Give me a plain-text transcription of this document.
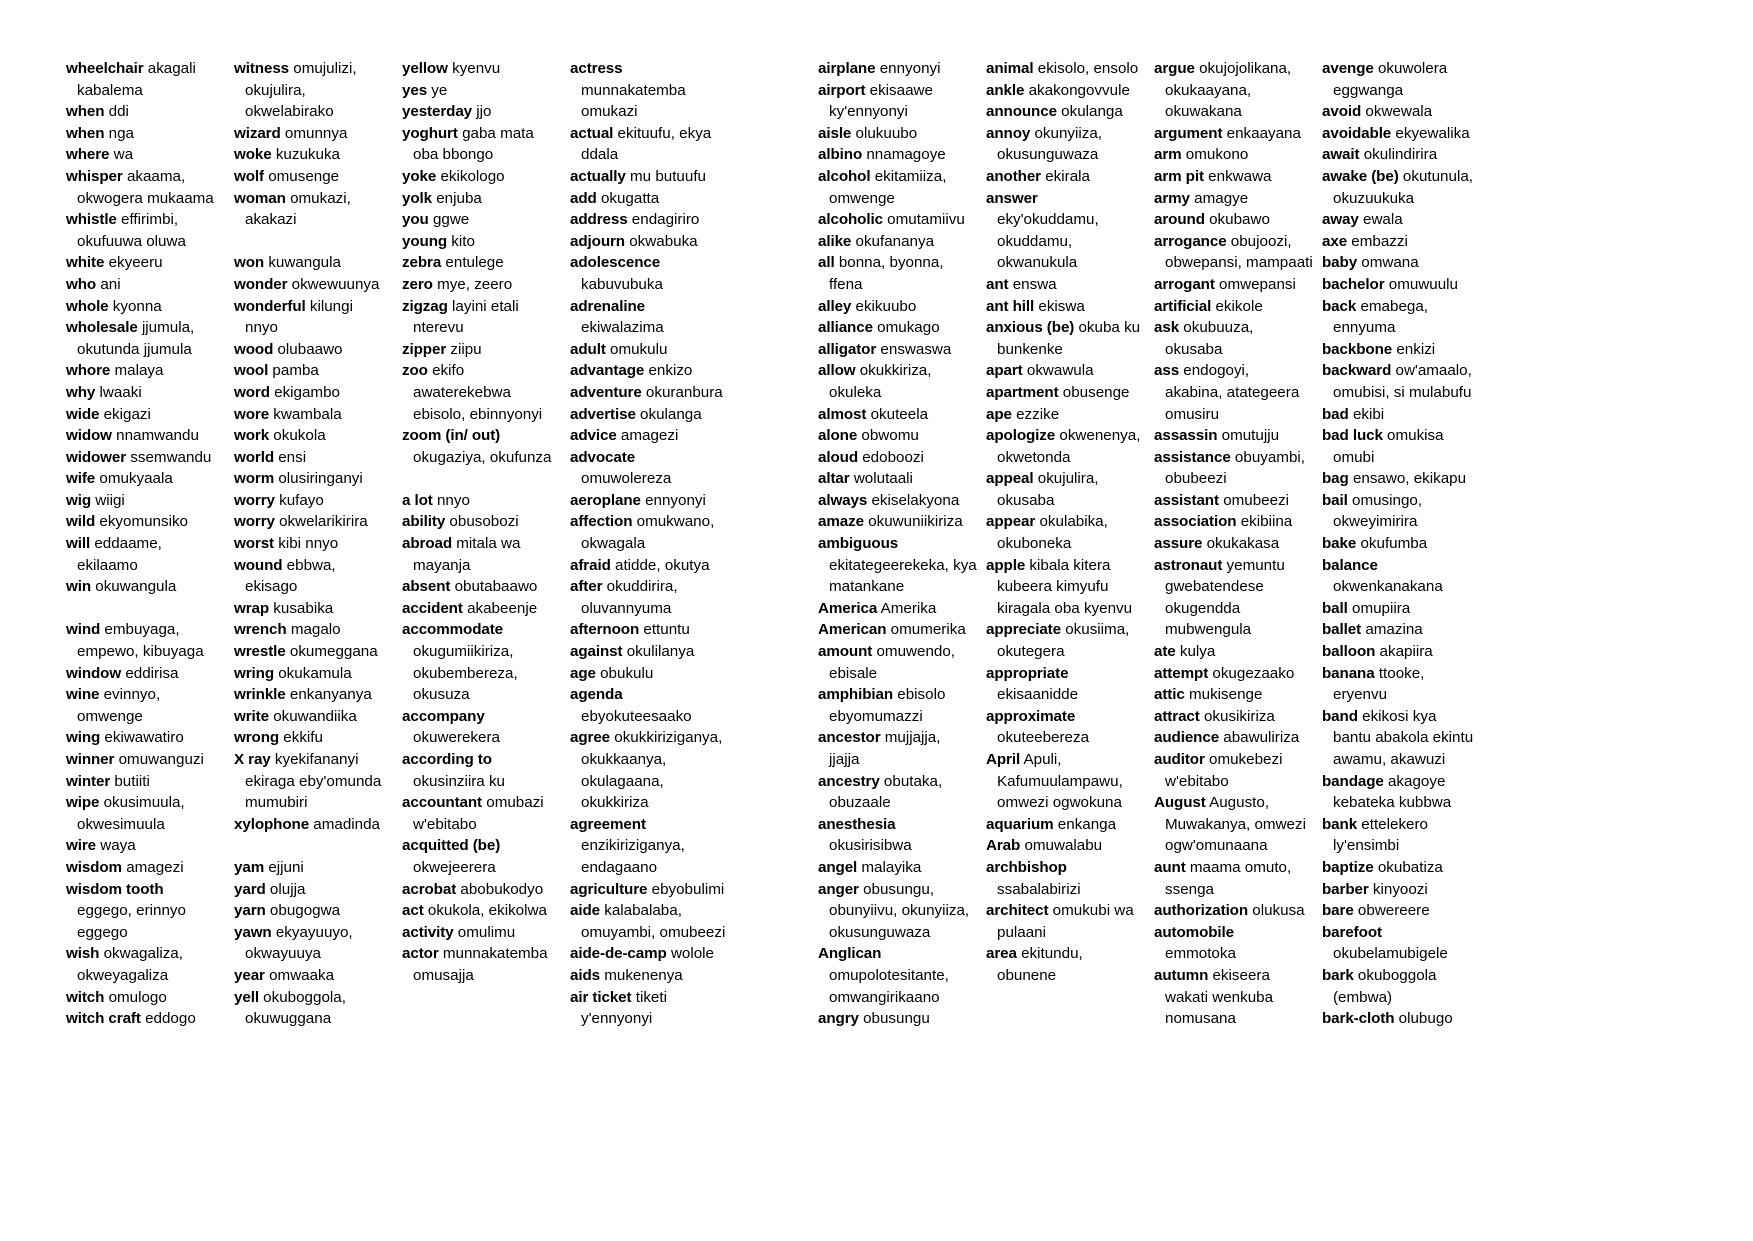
wheelchair akagali
kabalema
when ddi
when nga
where wa
whisper akaama,
okwogera mukaama
whistle effirimbi,
okufuuwa oluwa
white ekyeeru
who ani
whole kyonna
wholesale jjumula,
okutunda jjumula
whore malaya
why lwaaki
wide ekigazi
widow nnamwandu
widower ssemwandu
wife omukyaala
wig wiigi
wild ekyomunsiko
will eddaame,
ekilaamo
win okuwangula
wind embuyaga,
empewo, kibuyaga
window eddirisa
wine evinnyo,
omwenge
wing ekiwawatiro
winner omuwanguzi
winter butiiti
wipe okusimuula,
okwesimuula
wire waya
wisdom amagezi
wisdom tooth
eggego, erinnyo
eggego
wish okwagaliza,
okweyagaliza
witch omulogo
witch craft eddogo
witness omujulizi,
okujulira,
okwelabirako
wizard omunnya
woke kuzukuka
wolf omusenge
woman omukazi,
akakazi
won kuwangula
wonder okwewuunya
wonderful kilungi
nnyo
wood olubaawo
wool pamba
word ekigambo
wore kwambala
work okukola
world ensi
worm olusiringanyi
worry kufayo
worry okwelarikirira
worst kibi nnyo
wound ebbwa,
ekisago
wrap kusabika
wrench magalo
wrestle okumeggana
wring okukamula
wrinkle enkanyanya
write okuwandiika
wrong ekkifu
X ray kyekifananyi
ekiraga eby'omunda
mumubiri
xylophone amadinda
yam ejjuni
yard olujja
yarn obugogwa
yawn ekyayuuyo,
okwayuuya
year omwaaka
yell okuboggola,
okuwuggana
yellow kyenvu
yes ye
yesterday jjo
yoghurt gaba mata
oba bbongo
yoke ekikologo
yolk enjuba
you ggwe
young kito
zebra entulege
zero mye, zeero
zigzag layini etali
nterevu
zipper ziipu
zoo ekifo
awaterekebwa
ebisolo, ebinnyonyi
zoom (in/ out)
okugaziya, okufunza
a lot nnyo
ability obusobozi
abroad mitala wa
mayanja
absent obutabaawo
accident akabeenje
accommodate
okugumiikiriza,
okubembereza,
okusuza
accompany
okuwerekera
according to
okusinziira ku
accountant omubazi
w'ebitabo
acquitted (be)
okwejeerera
acrobat abobukodyo
act okukola, ekikolwa
activity omulimu
actor munnakatemba
omusajja
actress
munnakatemba
omukazi
actual ekituufu, ekya
ddala
actually mu butuufu
add okugatta
address endagiriro
adjourn okwabuka
adolescence
kabuvubuka
adrenaline
ekiwalazima
adult omukulu
advantage enkizo
adventure okuranbura
advertise okulanga
advice amagezi
advocate
omuwolereza
aeroplane ennyonyi
affection omukwano,
okwagala
afraid atidde, okutya
after okuddirira,
oluvannyuma
afternoon ettuntu
against okulilanya
age obukulu
agenda
ebyokuteesaako
agree okukkiriziganya,
okukkaanya,
okulagaana,
okukkiriza
agreement
enzikiriziganya,
endagaano
agriculture ebyobulimi
aide kalabalaba,
omuyambi, omubeezi
aide-de-camp wolole
aids mukenenya
air ticket tiketi
y'ennyonyi
airplane ennyonyi
airport ekisaawe
ky'ennyonyi
aisle olukuubo
albino nnamagoye
alcohol ekitamiiza,
omwenge
alcoholic omutamiivu
alike okufananya
all bonna, byonna,
ffena
alley ekikuubo
alliance omukago
alligator enswaswa
allow okukkiriza,
okuleka
almost okuteela
alone obwomu
aloud edoboozi
altar wolutaali
always ekiselakyona
amaze okuwuniikiriza
ambiguous
ekitategeerekeka, kya
matankane
America Amerika
American omumerika
amount omuwendo,
ebisale
amphibian ebisolo
ebyomumazzi
ancestor mujjajja,
jjajja
ancestry obutaka,
obuzaale
anesthesia
okusirisibwa
angel malayika
anger obusungu,
obunyiivu, okunyiiza,
okusunguwaza
Anglican
omupolotesitante,
omwangirikaano
angry obusungu
animal ekisolo, ensolo
ankle akakongovvule
announce okulanga
annoy okunyiiza,
okusunguwaza
another ekirala
answer
eky'okuddamu,
okuddamu,
okwanukula
ant enswa
ant hill ekiswa
anxious (be) okuba ku
bunkenke
apart okwawula
apartment obusenge
ape ezzike
apologize okwenenya,
okwetonda
appeal okujulira,
okusaba
appear okulabika,
okuboneka
apple kibala kitera
kubeera kimyufu
kiragala oba kyenvu
appreciate okusiima,
okutegera
appropriate
ekisaanidde
approximate
okuteebereza
April Apuli,
Kafumuulampawu,
omwezi ogwokuna
aquarium enkanga
Arab omuwalabu
archbishop
ssabalabirizi
architect omukubi wa
pulaani
area ekitundu,
obunene
argue okujojolikana,
okukaayana,
okuwakana
argument enkaayana
arm omukono
arm pit enkwawa
army amagye
around okubawo
arrogance obujoozi,
obwepansi, mampaati
arrogant omwepansi
artificial ekikole
ask okubuuza,
okusaba
ass endogoyi,
akabina, atategeera
omusiru
assassin omutujju
assistance obuyambi,
obubeezi
assistant omubeezi
association ekibiina
assure okukakasa
astronaut yemuntu
gwebatendese
okugendda
mubwengula
ate kulya
attempt okugezaako
attic mukisenge
attract okusikiriza
audience abawuliriza
auditor omukebezi
w'ebitabo
August Augusto,
Muwakanya, omwezi
ogw'omunaana
aunt maama omuto,
ssenga
authorization olukusa
automobile
emmotoka
autumn ekiseera
wakati wenkuba
nomusana
avenge okuwolera
eggwanga
avoid okwewala
avoidable ekyewalika
await okulindirira
awake (be) okutunula,
okuzuukuka
away ewala
axe embazzi
baby omwana
bachelor omuwuulu
back emabega,
ennyuma
backbone enkizi
backward ow'amaalo,
omubisi, si mulabufu
bad ekibi
bad luck omukisa
omubi
bag ensawo, ekikapu
bail omusingo,
okweyimirira
bake okufumba
balance
okwenkanakana
ball omupiira
ballet amazina
balloon akapiira
banana ttooke,
eryenvu
band ekikosi kya
bantu abakola ekintu
awamu, akawuzi
bandage akagoye
kebateka kubbwa
bank ettelekero
ly'ensimbi
baptize okubatiza
barber kinyoozi
bare obwereere
barefoot
okubelamubigele
bark okuboggola
(embwa)
bark-cloth olubugo
